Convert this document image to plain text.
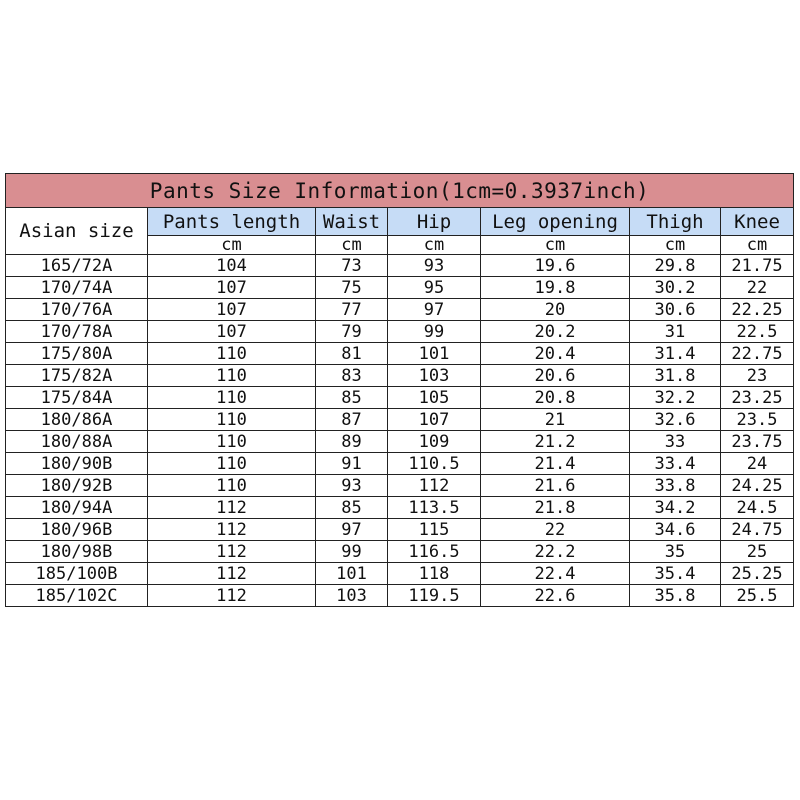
Pants Size Information(1cm=0.3937inch)						
Asian size	Pants length	Waist	Hip	Leg opening	Thigh	Knee
	cm	cm	cm	cm	cm	cm
165/72A	104	73	93	19.6	29.8	21.75
170/74A	107	75	95	19.8	30.2	22
170/76A	107	77	97	20	30.6	22.25
170/78A	107	79	99	20.2	31	22.5
175/80A	110	81	101	20.4	31.4	22.75
175/82A	110	83	103	20.6	31.8	23
175/84A	110	85	105	20.8	32.2	23.25
180/86A	110	87	107	21	32.6	23.5
180/88A	110	89	109	21.2	33	23.75
180/90B	110	91	110.5	21.4	33.4	24
180/92B	110	93	112	21.6	33.8	24.25
180/94A	112	85	113.5	21.8	34.2	24.5
180/96B	112	97	115	22	34.6	24.75
180/98B	112	99	116.5	22.2	35	25
185/100B	112	101	118	22.4	35.4	25.25
185/102C	112	103	119.5	22.6	35.8	25.5
